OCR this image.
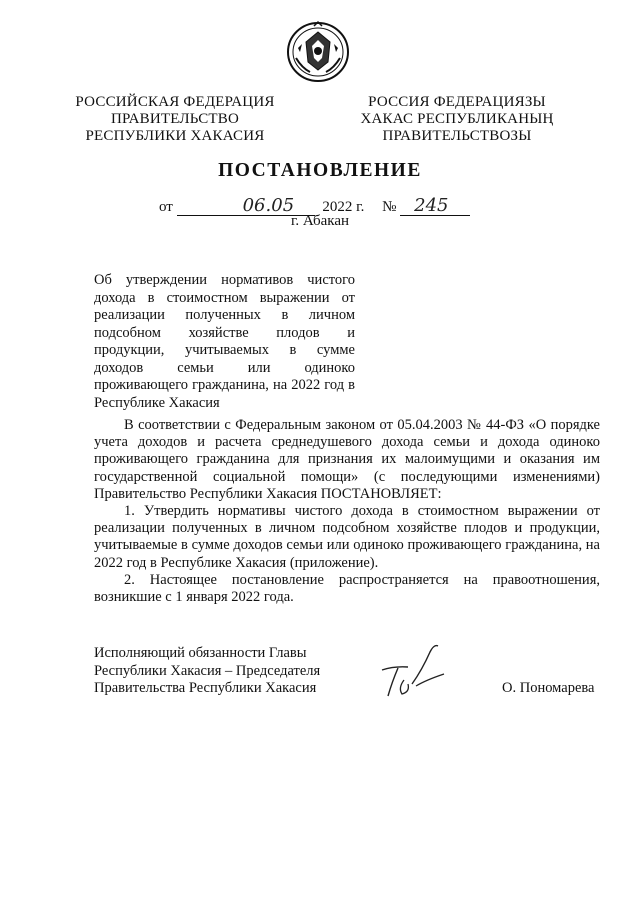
РОССИЙСКАЯ ФЕДЕРАЦИЯ
ПРАВИТЕЛЬСТВО
РЕСПУБЛИКИ ХАКАСИЯ
РОССИЯ ФЕДЕРАЦИЯЗЫ
ХАКАС РЕСПУБЛИКАНЫҢ
ПРАВИТЕЛЬСТВОЗЫ
ПОСТАНОВЛЕНИЕ
от	06.05 2022 г. № 245
г. Абакан
Об утверждении нормативов чистого дохода в стоимостном выражении от реализации полученных в личном подсобном хозяйстве плодов и продукции, учитываемых в сумме доходов семьи или одиноко проживающего гражданина, на 2022 год в Республике Хакасия

В соответствии с Федеральным законом от 05.04.2003 № 44-ФЗ «О порядке учета доходов и расчета среднедушевого дохода семьи и дохода одиноко проживающего гражданина для признания их малоимущими и оказания им государственной социальной помощи» (с последующими изменениями) Правительство Республики Хакасия ПОСТАНОВЛЯЕТ:

1. Утвердить нормативы чистого дохода в стоимостном выражении от реализации полученных в личном подсобном хозяйстве плодов и продукции, учитываемые в сумме доходов семьи или одиноко проживающего гражданина, на 2022 год в Республике Хакасия (приложение).

2. Настоящее постановление распространяется на правоотношения, возникшие с 1 января 2022 года.

Исполняющий обязанности Главы
Республики Хакасия – Председателя
Правительства Республики Хакасия	О. Пономарева
